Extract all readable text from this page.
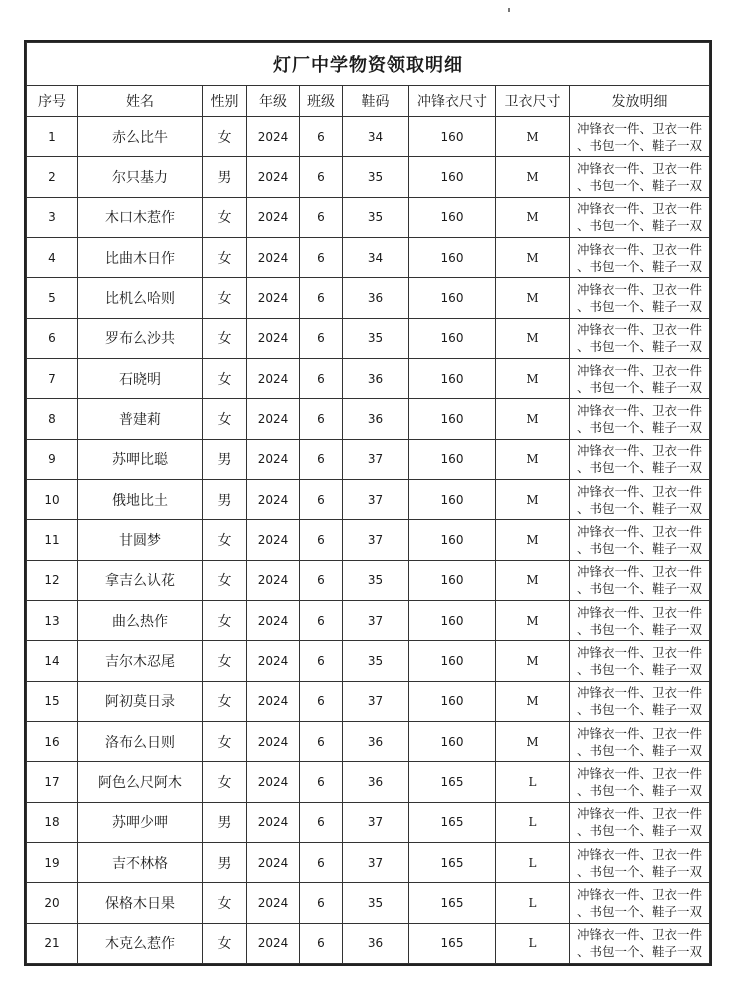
灯厂中学物资领取明细								
序号	姓名	性别	年级	班级	鞋码	冲锋衣尺寸	卫衣尺寸	发放明细
1	赤么比牛	女	2024	6	34	160	M	冲锋衣一件、卫衣一件
、书包一个、鞋子一双

2	尔只基力	男	2024	6	35	160	M	冲锋衣一件、卫衣一件
、书包一个、鞋子一双

3	木口木惹作	女	2024	6	35	160	M	冲锋衣一件、卫衣一件
、书包一个、鞋子一双

4	比曲木日作	女	2024	6	34	160	M	冲锋衣一件、卫衣一件
、书包一个、鞋子一双

5	比机么哈则	女	2024	6	36	160	M	冲锋衣一件、卫衣一件
、书包一个、鞋子一双

6	罗布么沙共	女	2024	6	35	160	M	冲锋衣一件、卫衣一件
、书包一个、鞋子一双

7	石晓明	女	2024	6	36	160	M	冲锋衣一件、卫衣一件
、书包一个、鞋子一双

8	普建莉	女	2024	6	36	160	M	冲锋衣一件、卫衣一件
、书包一个、鞋子一双

9	苏呷比聪	男	2024	6	37	160	M	冲锋衣一件、卫衣一件
、书包一个、鞋子一双

10	俄地比土	男	2024	6	37	160	M	冲锋衣一件、卫衣一件
、书包一个、鞋子一双

11	甘圆梦	女	2024	6	37	160	M	冲锋衣一件、卫衣一件
、书包一个、鞋子一双

12	拿吉么认花	女	2024	6	35	160	M	冲锋衣一件、卫衣一件
、书包一个、鞋子一双

13	曲么热作	女	2024	6	37	160	M	冲锋衣一件、卫衣一件
、书包一个、鞋子一双

14	吉尔木忍尾	女	2024	6	35	160	M	冲锋衣一件、卫衣一件
、书包一个、鞋子一双

15	阿初莫日录	女	2024	6	37	160	M	冲锋衣一件、卫衣一件
、书包一个、鞋子一双

16	洛布么日则	女	2024	6	36	160	M	冲锋衣一件、卫衣一件
、书包一个、鞋子一双

17	阿色么尺阿木	女	2024	6	36	165	L	冲锋衣一件、卫衣一件
、书包一个、鞋子一双

18	苏呷少呷	男	2024	6	37	165	L	冲锋衣一件、卫衣一件
、书包一个、鞋子一双

19	吉不林格	男	2024	6	37	165	L	冲锋衣一件、卫衣一件
、书包一个、鞋子一双

20	保格木日果	女	2024	6	35	165	L	冲锋衣一件、卫衣一件
、书包一个、鞋子一双

21	木克么惹作	女	2024	6	36	165	L	冲锋衣一件、卫衣一件
、书包一个、鞋子一双
